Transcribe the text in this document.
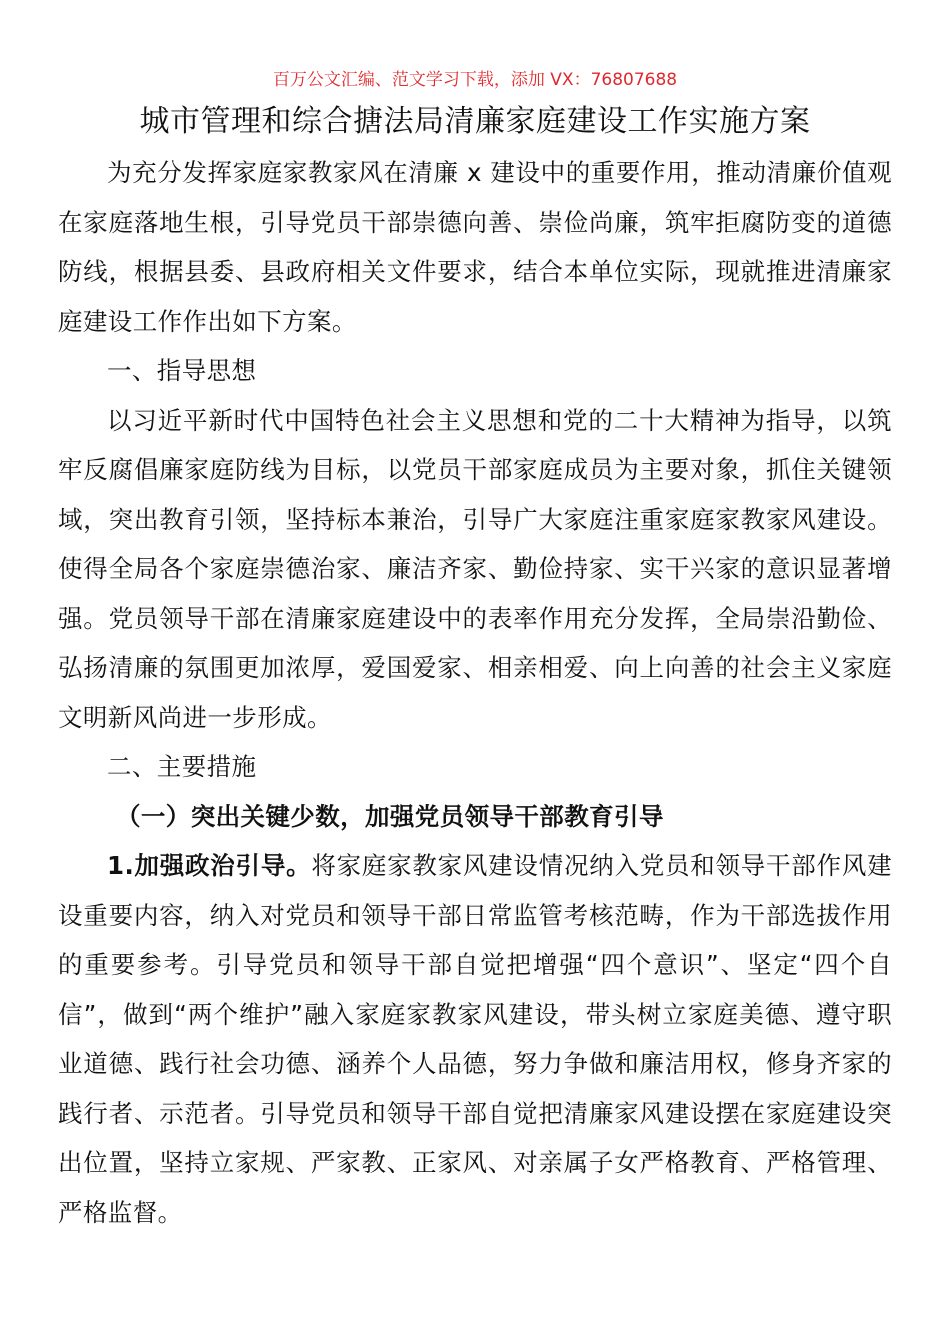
百万公文汇编、范文学习下载，添加 VX：76807688

城市管理和综合搪法局清廉家庭建设工作实施方案

为充分发挥家庭家教家风在清廉 x 建设中的重要作用，推动清廉价值观在家庭落地生根，引导党员干部崇德向善、崇俭尚廉，筑牢拒腐防变的道德防线，根据县委、县政府相关文件要求，结合本单位实际，现就推进清廉家庭建设工作作出如下方案。

一、指导思想

以习近平新时代中国特色社会主义思想和党的二十大精神为指导，以筑牢反腐倡廉家庭防线为目标，以党员干部家庭成员为主要对象，抓住关键领域，突出教育引领，坚持标本兼治，引导广大家庭注重家庭家教家风建设。使得全局各个家庭崇德治家、廉洁齐家、勤俭持家、实干兴家的意识显著增强。党员领导干部在清廉家庭建设中的表率作用充分发挥，全局崇沿勤俭、弘扬清廉的氛围更加浓厚，爱国爱家、相亲相爱、向上向善的社会主义家庭文明新风尚进一步形成。

二、主要措施

（一）突出关键少数，加强党员领导干部教育引导

1.加强政治引导。将家庭家教家风建设情况纳入党员和领导干部作风建设重要内容，纳入对党员和领导干部日常监管考核范畴，作为干部选拔作用的重要参考。引导党员和领导干部自觉把增强“四个意识”、坚定“四个自信”，做到“两个维护”融入家庭家教家风建设，带头树立家庭美德、遵守职业道德、践行社会功德、涵养个人品德，努力争做和廉洁用权，修身齐家的践行者、示范者。引导党员和领导干部自觉把清廉家风建设摆在家庭建设突出位置，坚持立家规、严家教、正家风、对亲属子女严格教育、严格管理、严格监督。
